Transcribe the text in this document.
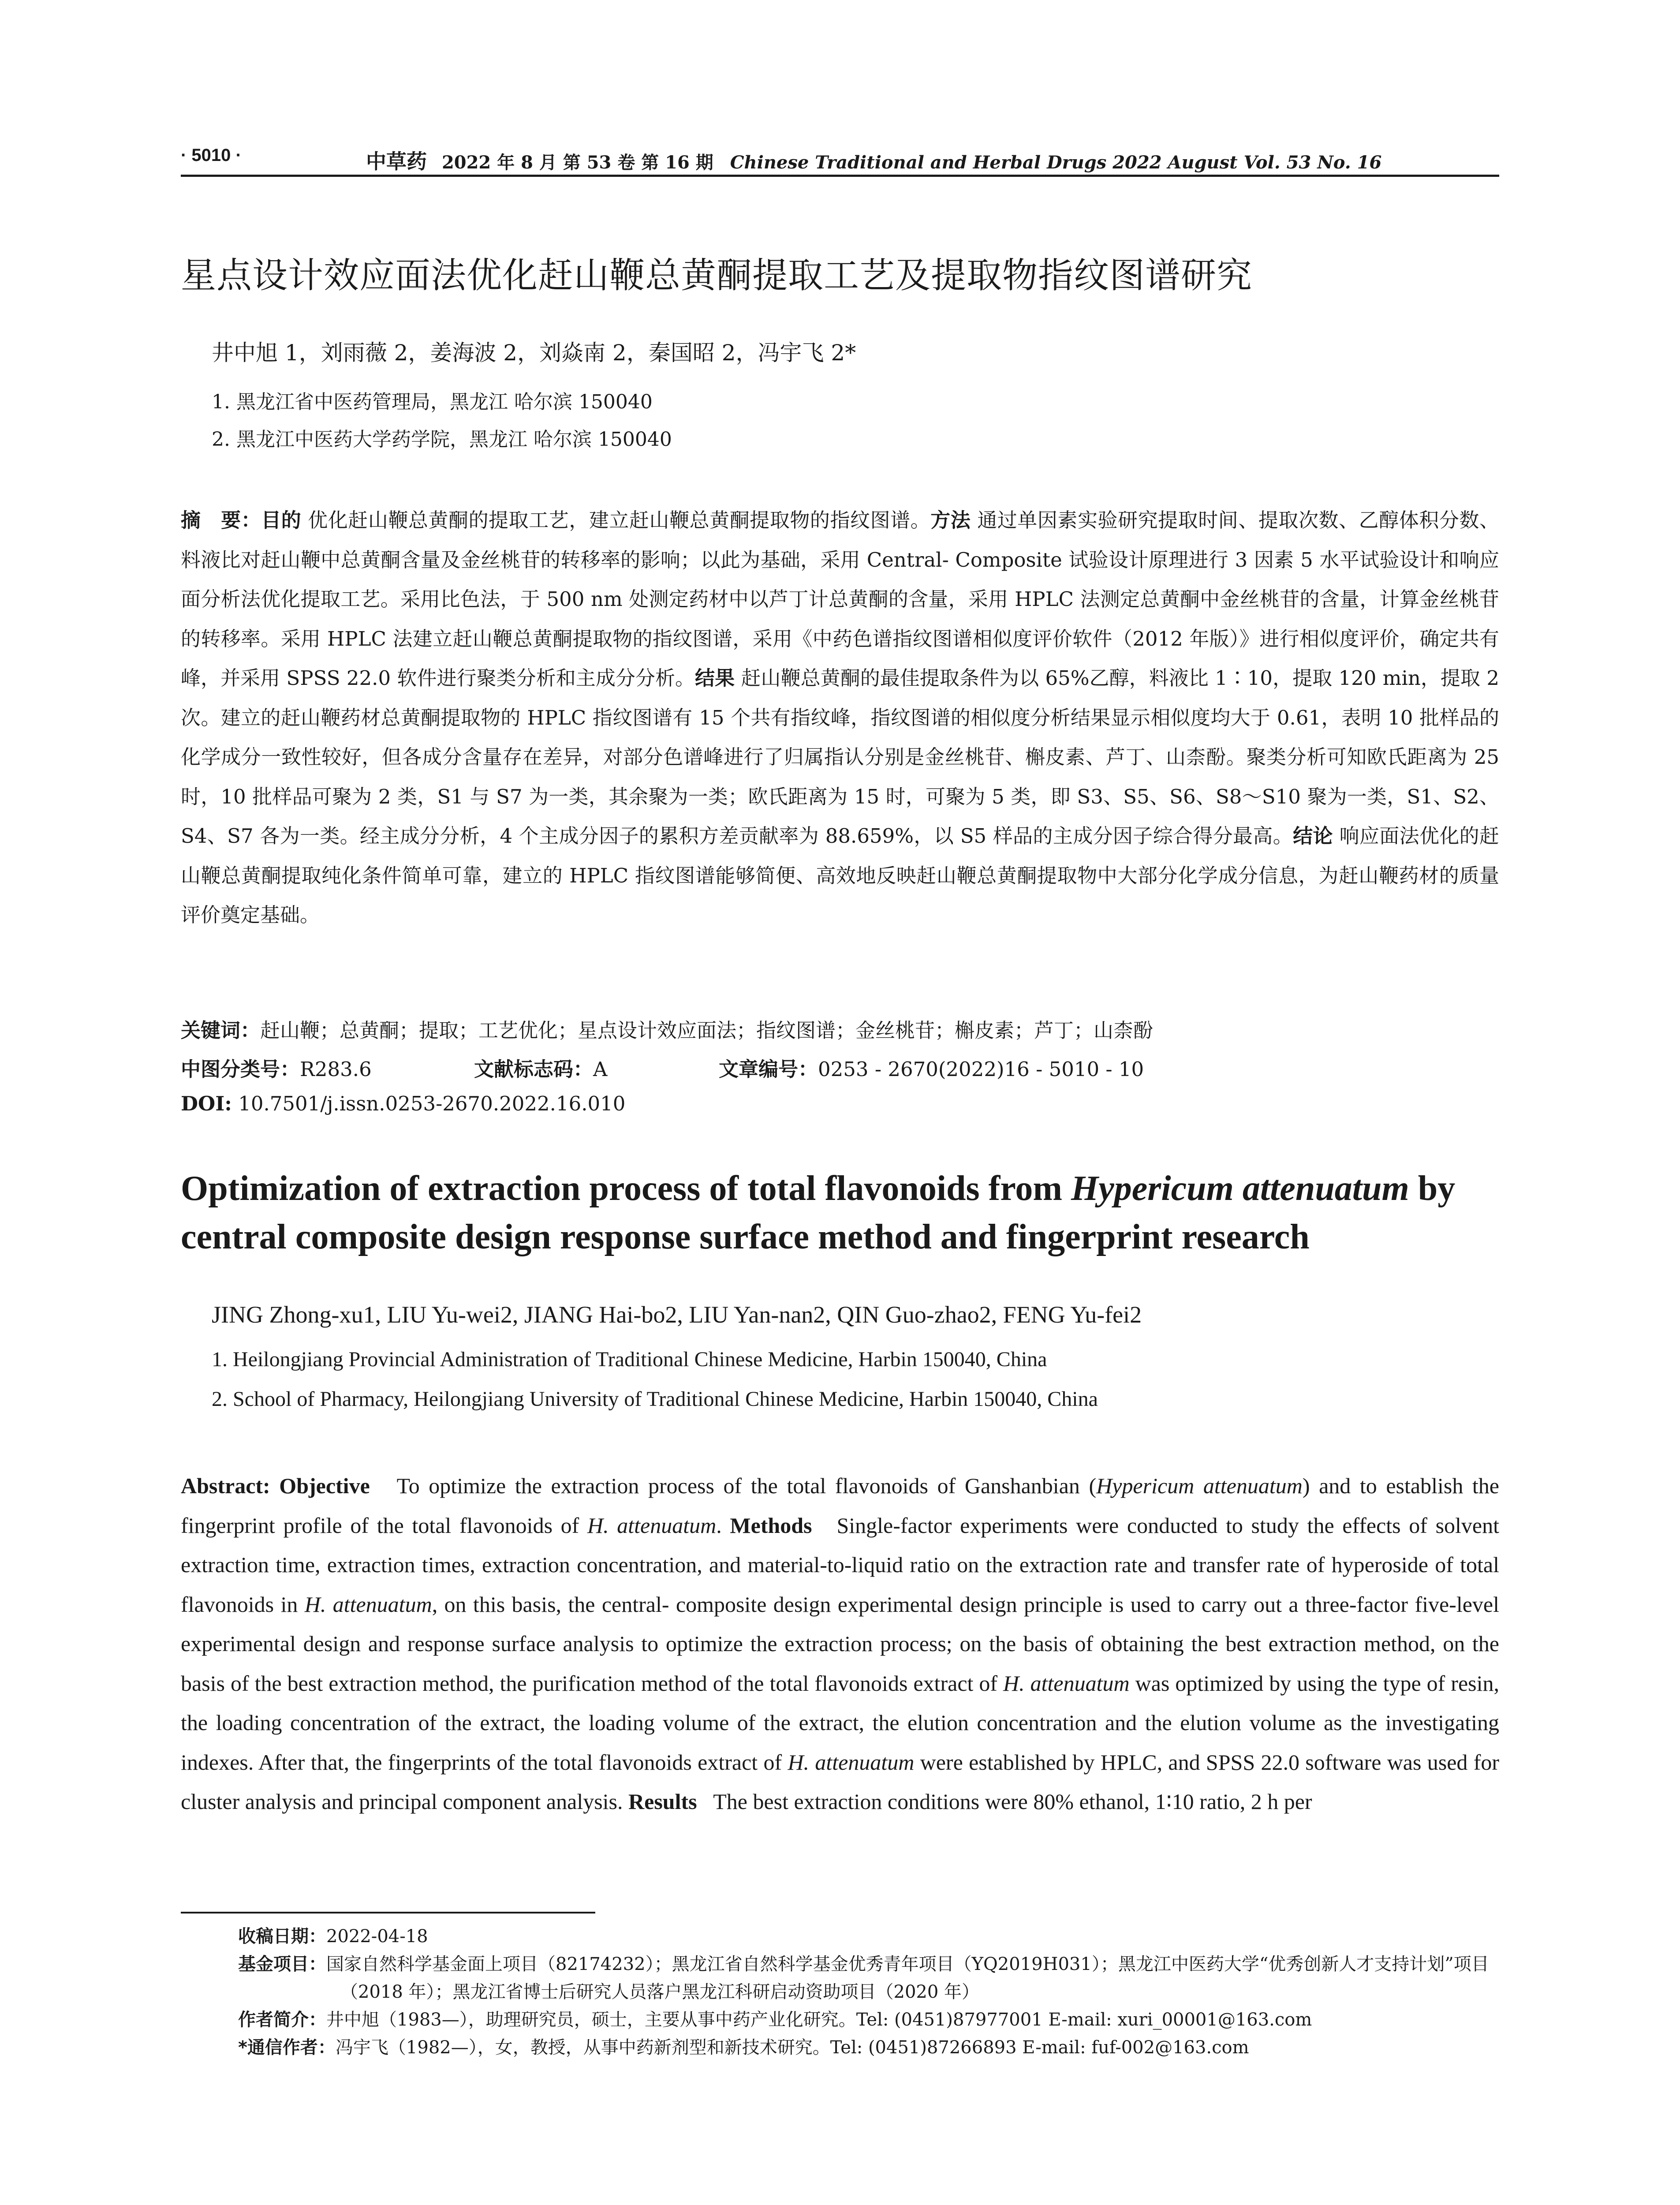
· 5010 ·	中草药 2022 年 8 月 第 53 卷 第 16 期 Chinese Traditional and Herbal Drugs 2022 August Vol. 53 No. 16
星点设计效应面法优化赶山鞭总黄酮提取工艺及提取物指纹图谱研究
井中旭 1，刘雨薇 2，姜海波 2，刘焱南 2，秦国昭 2，冯宇飞 2*
1. 黑龙江省中医药管理局，黑龙江 哈尔滨 150040
2. 黑龙江中医药大学药学院，黑龙江 哈尔滨 150040
摘　要：目的 优化赶山鞭总黄酮的提取工艺，建立赶山鞭总黄酮提取物的指纹图谱。方法 通过单因素实验研究提取时间、提取次数、乙醇体积分数、料液比对赶山鞭中总黄酮含量及金丝桃苷的转移率的影响；以此为基础，采用 Central- Composite 试验设计原理进行 3 因素 5 水平试验设计和响应面分析法优化提取工艺。采用比色法，于 500 nm 处测定药材中以芦丁计总黄酮的含量，采用 HPLC 法测定总黄酮中金丝桃苷的含量，计算金丝桃苷的转移率。采用 HPLC 法建立赶山鞭总黄酮提取物的指纹图谱，采用《中药色谱指纹图谱相似度评价软件（2012 年版）》进行相似度评价，确定共有峰，并采用 SPSS 22.0 软件进行聚类分析和主成分分析。结果 赶山鞭总黄酮的最佳提取条件为以 65%乙醇，料液比 1∶10，提取 120 min，提取 2 次。建立的赶山鞭药材总黄酮提取物的 HPLC 指纹图谱有 15 个共有指纹峰，指纹图谱的相似度分析结果显示相似度均大于 0.61，表明 10 批样品的化学成分一致性较好，但各成分含量存在差异，对部分色谱峰进行了归属指认分别是金丝桃苷、槲皮素、芦丁、山柰酚。聚类分析可知欧氏距离为 25 时，10 批样品可聚为 2 类，S1 与 S7 为一类，其余聚为一类；欧氏距离为 15 时，可聚为 5 类，即 S3、S5、S6、S8～S10 聚为一类，S1、S2、S4、S7 各为一类。经主成分分析，4 个主成分因子的累积方差贡献率为 88.659%，以 S5 样品的主成分因子综合得分最高。结论 响应面法优化的赶山鞭总黄酮提取纯化条件简单可靠，建立的 HPLC 指纹图谱能够简便、高效地反映赶山鞭总黄酮提取物中大部分化学成分信息，为赶山鞭药材的质量评价奠定基础。
关键词：赶山鞭；总黄酮；提取；工艺优化；星点设计效应面法；指纹图谱；金丝桃苷；槲皮素；芦丁；山柰酚
中图分类号：R283.6	文献标志码：A	文章编号：0253 - 2670(2022)16 - 5010 - 10
DOI: 10.7501/j.issn.0253-2670.2022.16.010
Optimization of extraction process of total flavonoids from Hypericum attenuatum by central composite design response surface method and fingerprint research
JING Zhong-xu1, LIU Yu-wei2, JIANG Hai-bo2, LIU Yan-nan2, QIN Guo-zhao2, FENG Yu-fei2
1. Heilongjiang Provincial Administration of Traditional Chinese Medicine, Harbin 150040, China
2. School of Pharmacy, Heilongjiang University of Traditional Chinese Medicine, Harbin 150040, China
Abstract: Objective To optimize the extraction process of the total flavonoids of Ganshanbian (Hypericum attenuatum) and to establish the fingerprint profile of the total flavonoids of H. attenuatum. Methods Single-factor experiments were conducted to study the effects of solvent extraction time, extraction times, extraction concentration, and material-to-liquid ratio on the extraction rate and transfer rate of hyperoside of total flavonoids in H. attenuatum, on this basis, the central- composite design experimental design principle is used to carry out a three-factor five-level experimental design and response surface analysis to optimize the extraction process; on the basis of obtaining the best extraction method, on the basis of the best extraction method, the purification method of the total flavonoids extract of H. attenuatum was optimized by using the type of resin, the loading concentration of the extract, the loading volume of the extract, the elution concentration and the elution volume as the investigating indexes. After that, the fingerprints of the total flavonoids extract of H. attenuatum were established by HPLC, and SPSS 22.0 software was used for cluster analysis and principal component analysis. Results The best extraction conditions were 80% ethanol, 1∶10 ratio, 2 h per
收稿日期：2022-04-18
基金项目：国家自然科学基金面上项目（82174232）；黑龙江省自然科学基金优秀青年项目（YQ2019H031）；黑龙江中医药大学“优秀创新人才支持计划”项目（2018 年）；黑龙江省博士后研究人员落户黑龙江科研启动资助项目（2020 年）
作者简介：井中旭（1983—），助理研究员，硕士，主要从事中药产业化研究。Tel: (0451)87977001 E-mail: xuri_00001@163.com
*通信作者：冯宇飞（1982—），女，教授，从事中药新剂型和新技术研究。Tel: (0451)87266893 E-mail: fuf-002@163.com
